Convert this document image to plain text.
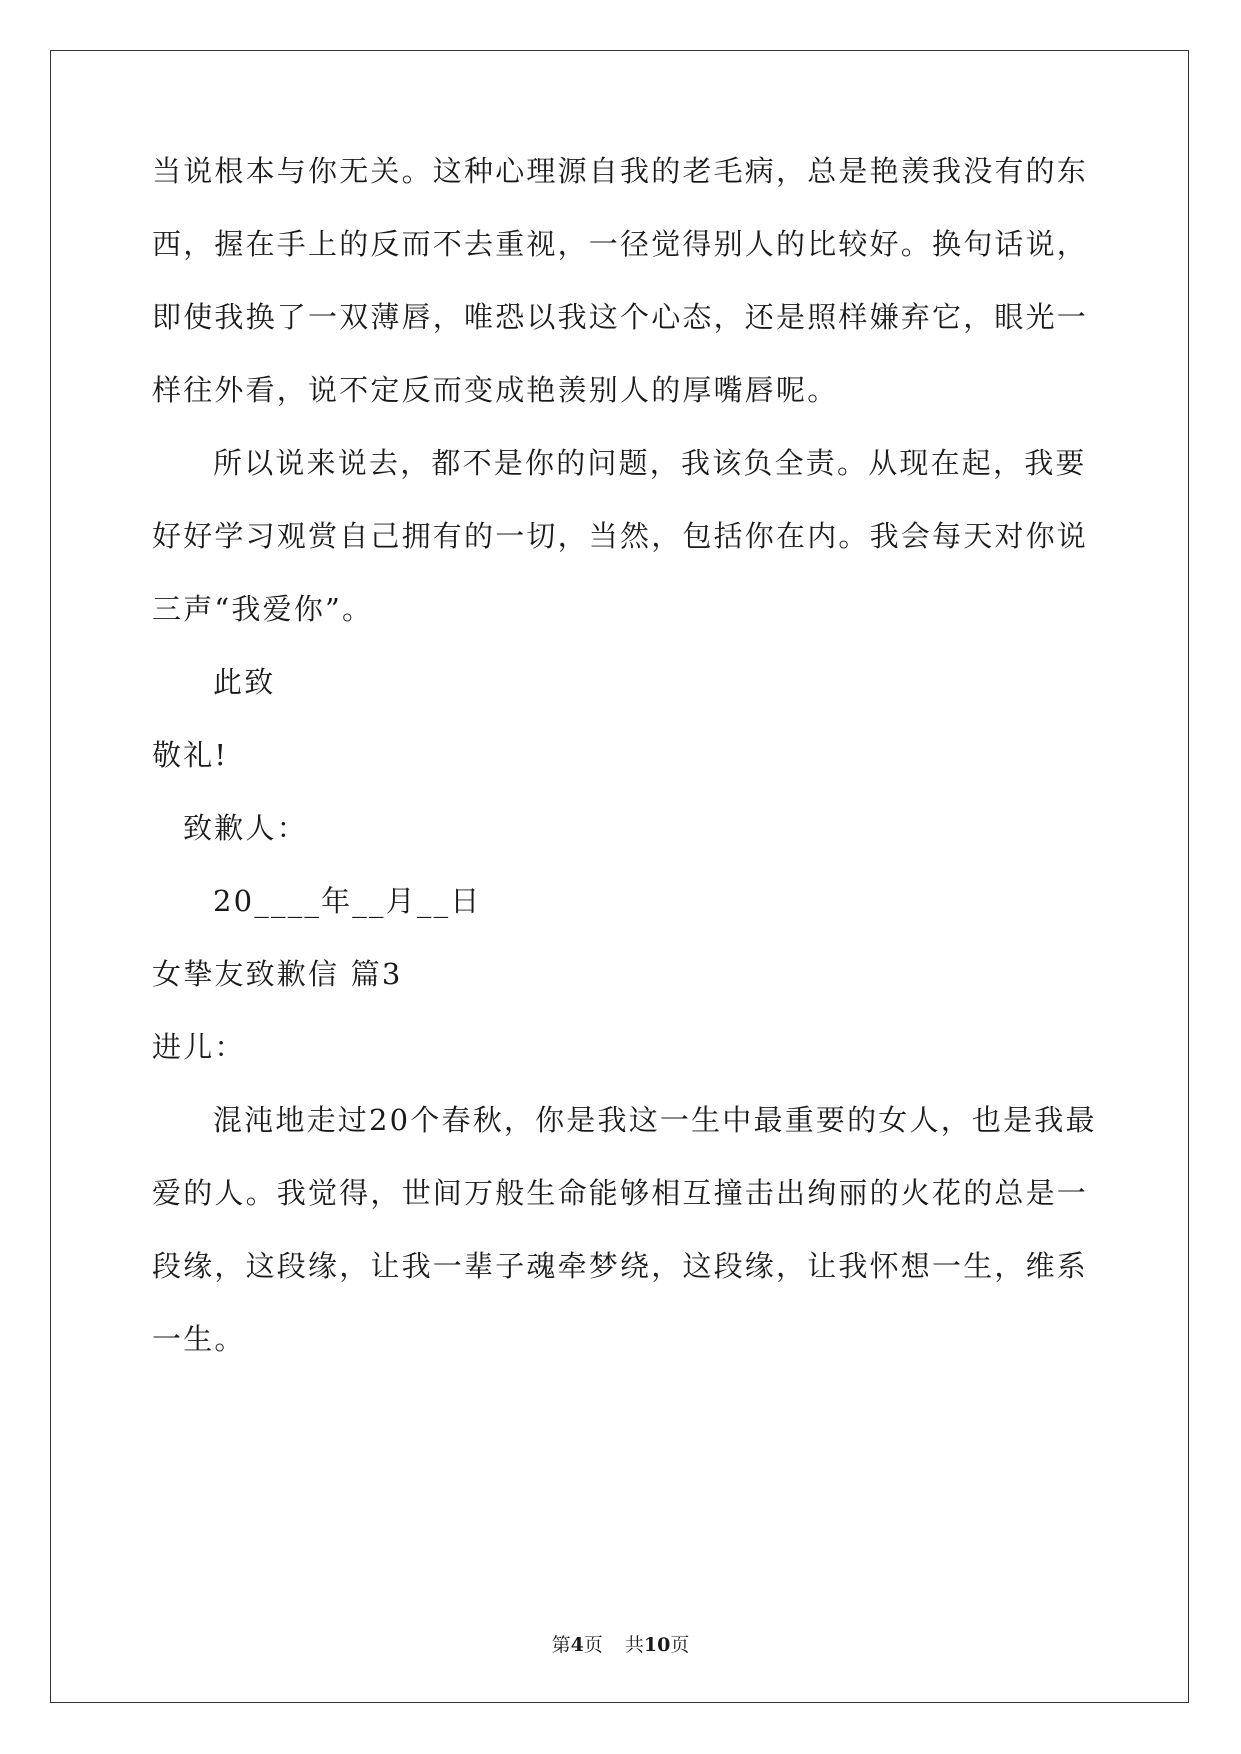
当说根本与你无关。这种心理源自我的老毛病，总是艳羡我没有的东
西，握在手上的反而不去重视，一径觉得别人的比较好。换句话说，
即使我换了一双薄唇，唯恐以我这个心态，还是照样嫌弃它，眼光一
样往外看，说不定反而变成艳羡别人的厚嘴唇呢。
所以说来说去，都不是你的问题，我该负全责。从现在起，我要
好好学习观赏自己拥有的一切，当然，包括你在内。我会每天对你说
三声“我爱你”。
此致
敬礼!
致歉人：
20____年__月__日
女挚友致歉信 篇3
进儿：
混沌地走过20个春秋，你是我这一生中最重要的女人，也是我最
爱的人。我觉得，世间万般生命能够相互撞击出绚丽的火花的总是一
段缘，这段缘，让我一辈子魂牵梦绕，这段缘，让我怀想一生，维系
一生。
第4页 共10页
